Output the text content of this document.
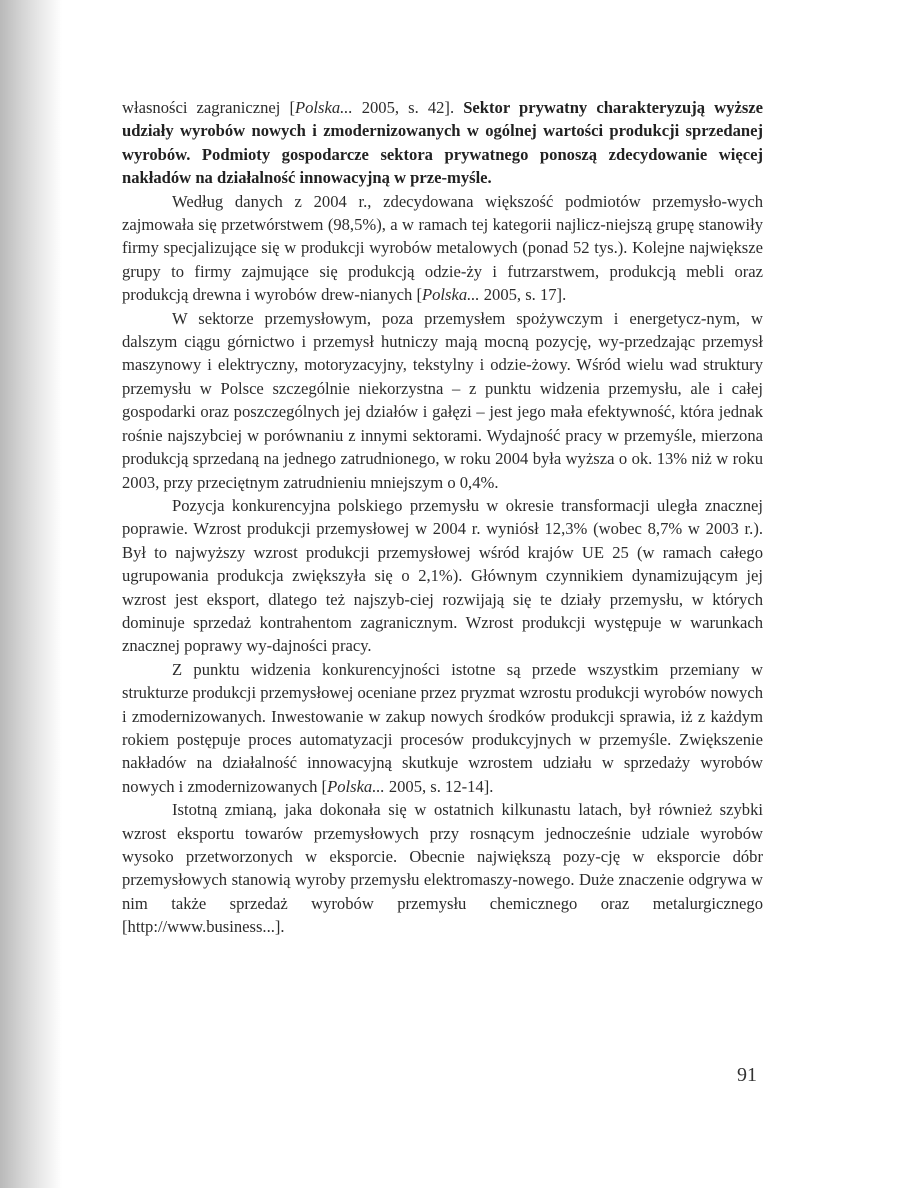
własności zagranicznej [Polska... 2005, s. 42]. Sektor prywatny charakteryzują wyższe udziały wyrobów nowych i zmodernizowanych w ogólnej wartości produkcji sprzedanej wyrobów. Podmioty gospodarcze sektora prywatnego ponoszą zdecydowanie więcej nakładów na działalność innowacyjną w prze-myśle.

Według danych z 2004 r., zdecydowana większość podmiotów przemysło-wych zajmowała się przetwórstwem (98,5%), a w ramach tej kategorii najlicz-niejszą grupę stanowiły firmy specjalizujące się w produkcji wyrobów metalowych (ponad 52 tys.). Kolejne największe grupy to firmy zajmujące się produkcją odzie-ży i futrzarstwem, produkcją mebli oraz produkcją drewna i wyrobów drew-nianych [Polska... 2005, s. 17].

W sektorze przemysłowym, poza przemysłem spożywczym i energetycz-nym, w dalszym ciągu górnictwo i przemysł hutniczy mają mocną pozycję, wy-przedzając przemysł maszynowy i elektryczny, motoryzacyjny, tekstylny i odzie-żowy. Wśród wielu wad struktury przemysłu w Polsce szczególnie niekorzystna – z punktu widzenia przemysłu, ale i całej gospodarki oraz poszczególnych jej działów i gałęzi – jest jego mała efektywność, która jednak rośnie najszybciej w porównaniu z innymi sektorami. Wydajność pracy w przemyśle, mierzona produkcją sprzedaną na jednego zatrudnionego, w roku 2004 była wyższa o ok. 13% niż w roku 2003, przy przeciętnym zatrudnieniu mniejszym o 0,4%.

Pozycja konkurencyjna polskiego przemysłu w okresie transformacji uległa znacznej poprawie. Wzrost produkcji przemysłowej w 2004 r. wyniósł 12,3% (wobec 8,7% w 2003 r.). Był to najwyższy wzrost produkcji przemysłowej wśród krajów UE 25 (w ramach całego ugrupowania produkcja zwiększyła się o 2,1%). Głównym czynnikiem dynamizującym jej wzrost jest eksport, dlatego też najszyb-ciej rozwijają się te działy przemysłu, w których dominuje sprzedaż kontrahentom zagranicznym. Wzrost produkcji występuje w warunkach znacznej poprawy wy-dajności pracy.

Z punktu widzenia konkurencyjności istotne są przede wszystkim przemiany w strukturze produkcji przemysłowej oceniane przez pryzmat wzrostu produkcji wyrobów nowych i zmodernizowanych. Inwestowanie w zakup nowych środków produkcji sprawia, iż z każdym rokiem postępuje proces automatyzacji procesów produkcyjnych w przemyśle. Zwiększenie nakładów na działalność innowacyjną skutkuje wzrostem udziału w sprzedaży wyrobów nowych i zmodernizowanych [Polska... 2005, s. 12-14].

Istotną zmianą, jaka dokonała się w ostatnich kilkunastu latach, był również szybki wzrost eksportu towarów przemysłowych przy rosnącym jednocześnie udziale wyrobów wysoko przetworzonych w eksporcie. Obecnie największą pozy-cję w eksporcie dóbr przemysłowych stanowią wyroby przemysłu elektromaszy-nowego. Duże znaczenie odgrywa w nim także sprzedaż wyrobów przemysłu chemicznego oraz metalurgicznego [http://www.business...].

91
